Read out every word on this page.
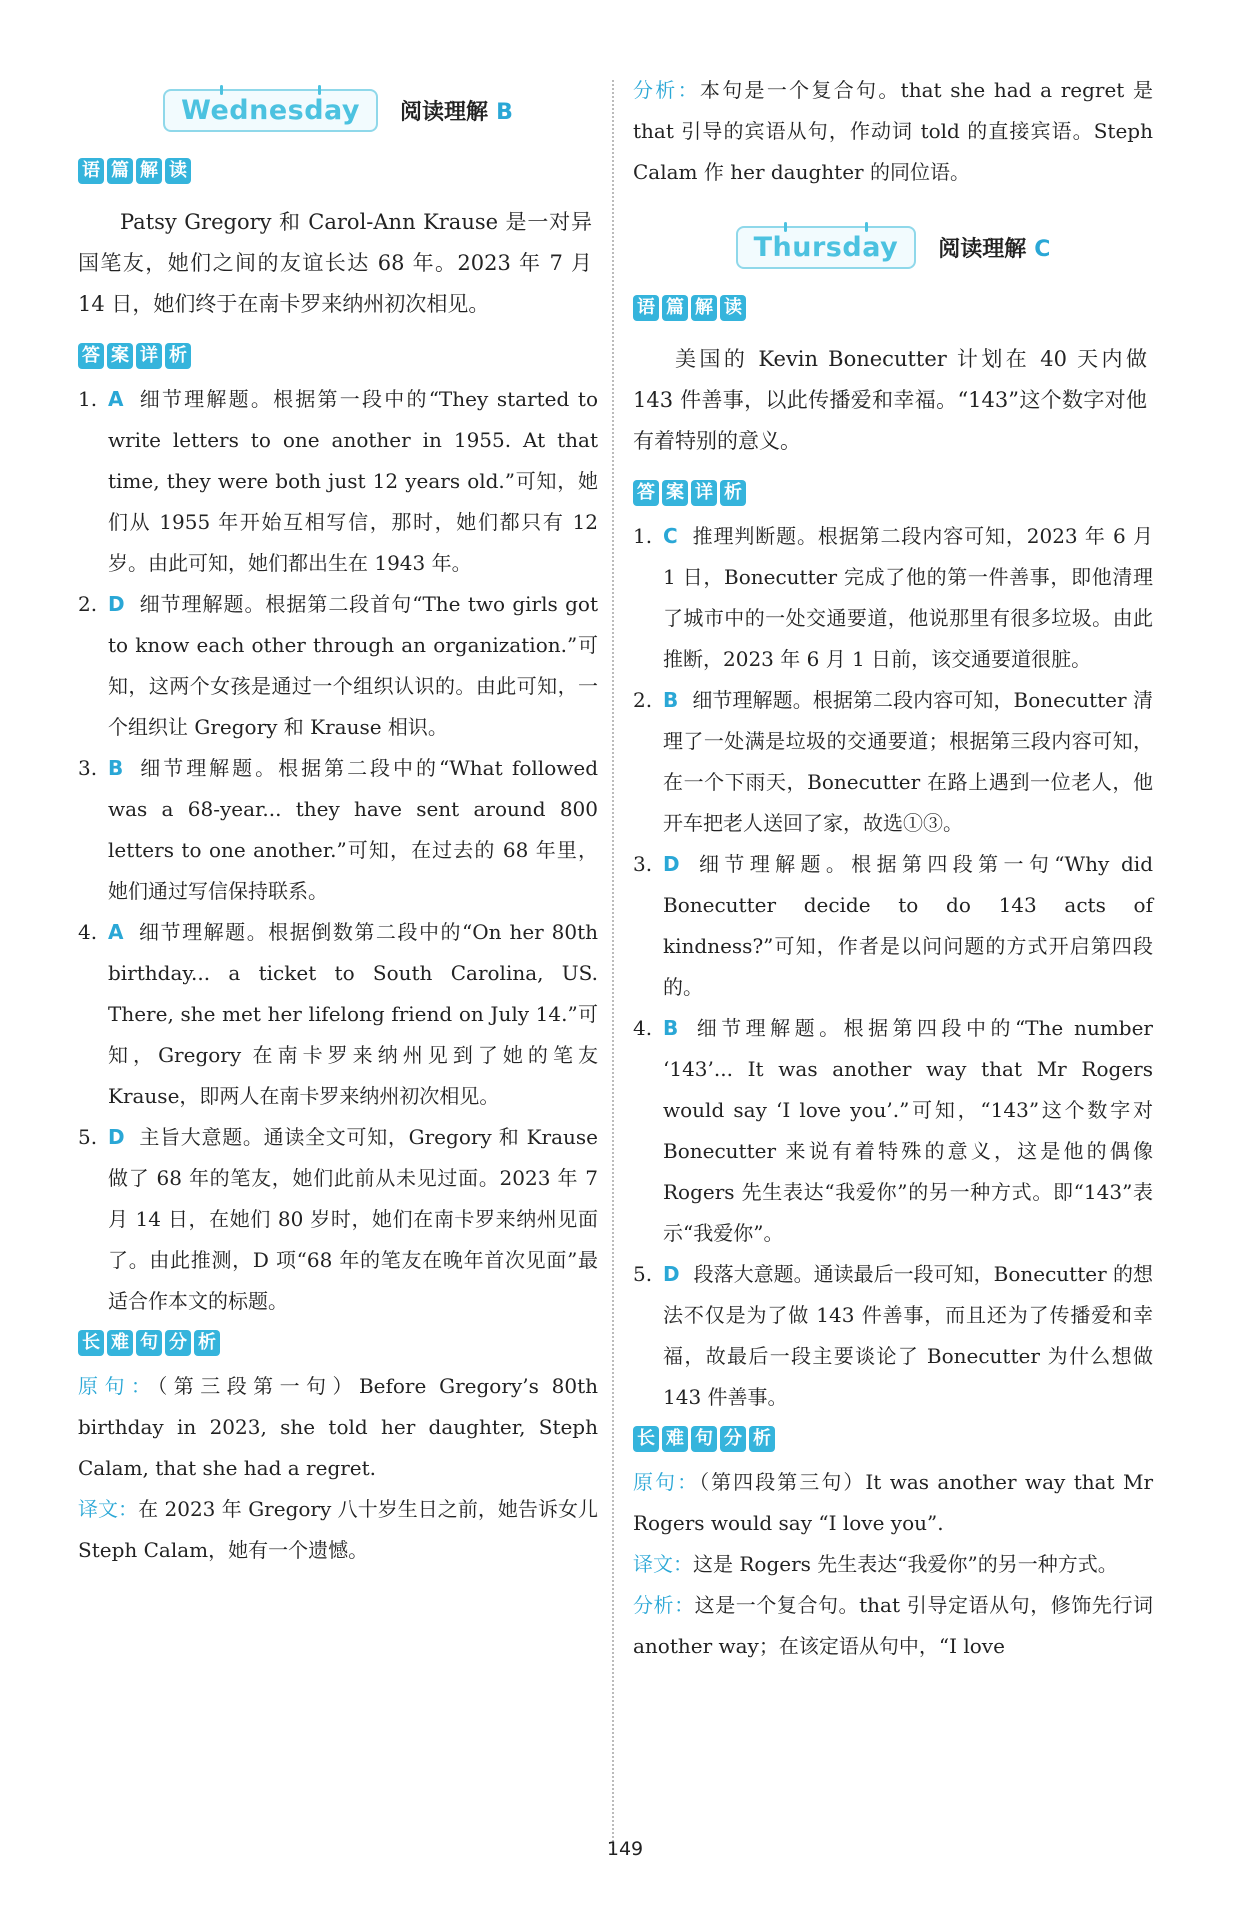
Wednesday	阅读理解 B
语 篇 解 读
Patsy Gregory 和 Carol-Ann Krause 是一对异国笔友，她们之间的友谊长达 68 年。2023 年 7 月 14 日，她们终于在南卡罗来纳州初次相见。
答 案 详 析
1. A 细节理解题。根据第一段中的“They started to write letters to one another in 1955. At that time, they were both just 12 years old.”可知，她们从 1955 年开始互相写信，那时，她们都只有 12 岁。由此可知，她们都出生在 1943 年。
2. D 细节理解题。根据第二段首句“The two girls got to know each other through an organization.”可知，这两个女孩是通过一个组织认识的。由此可知，一个组织让 Gregory 和 Krause 相识。
3. B 细节理解题。根据第二段中的“What followed was a 68-year... they have sent around 800 letters to one another.”可知，在过去的 68 年里，她们通过写信保持联系。
4. A 细节理解题。根据倒数第二段中的“On her 80th birthday... a ticket to South Carolina, US. There, she met her lifelong friend on July 14.”可知，Gregory 在南卡罗来纳州见到了她的笔友 Krause，即两人在南卡罗来纳州初次相见。
5. D 主旨大意题。通读全文可知，Gregory 和 Krause 做了 68 年的笔友，她们此前从未见过面。2023 年 7 月 14 日，在她们 80 岁时，她们在南卡罗来纳州见面了。由此推测，D 项“68 年的笔友在晚年首次见面”最适合作本文的标题。
长 难 句 分 析
原句：（第三段第一句）Before Gregory’s 80th birthday in 2023, she told her daughter, Steph Calam, that she had a regret.
译文：在 2023 年 Gregory 八十岁生日之前，她告诉女儿 Steph Calam，她有一个遗憾。
分析：本句是一个复合句。that she had a regret 是 that 引导的宾语从句，作动词 told 的直接宾语。Steph Calam 作 her daughter 的同位语。
Thursday	阅读理解 C
语 篇 解 读
美国的 Kevin Bonecutter 计划在 40 天内做 143 件善事，以此传播爱和幸福。“143”这个数字对他有着特别的意义。
答 案 详 析
1. C 推理判断题。根据第二段内容可知，2023 年 6 月 1 日，Bonecutter 完成了他的第一件善事，即他清理了城市中的一处交通要道，他说那里有很多垃圾。由此推断，2023 年 6 月 1 日前，该交通要道很脏。
2. B 细节理解题。根据第二段内容可知，Bonecutter 清理了一处满是垃圾的交通要道；根据第三段内容可知，在一个下雨天，Bonecutter 在路上遇到一位老人，他开车把老人送回了家，故选①③。
3. D 细节理解题。根据第四段第一句“Why did Bonecutter decide to do 143 acts of kindness?”可知，作者是以问问题的方式开启第四段的。
4. B 细节理解题。根据第四段中的“The number ‘143’... It was another way that Mr Rogers would say ‘I love you’.”可知，“143”这个数字对 Bonecutter 来说有着特殊的意义，这是他的偶像 Rogers 先生表达“我爱你”的另一种方式。即“143”表示“我爱你”。
5. D 段落大意题。通读最后一段可知，Bonecutter 的想法不仅是为了做 143 件善事，而且还为了传播爱和幸福，故最后一段主要谈论了 Bonecutter 为什么想做 143 件善事。
长 难 句 分 析
原句：（第四段第三句）It was another way that Mr Rogers would say “I love you”.
译文：这是 Rogers 先生表达“我爱你”的另一种方式。
分析：这是一个复合句。that 引导定语从句，修饰先行词 another way；在该定语从句中，“I love
149
